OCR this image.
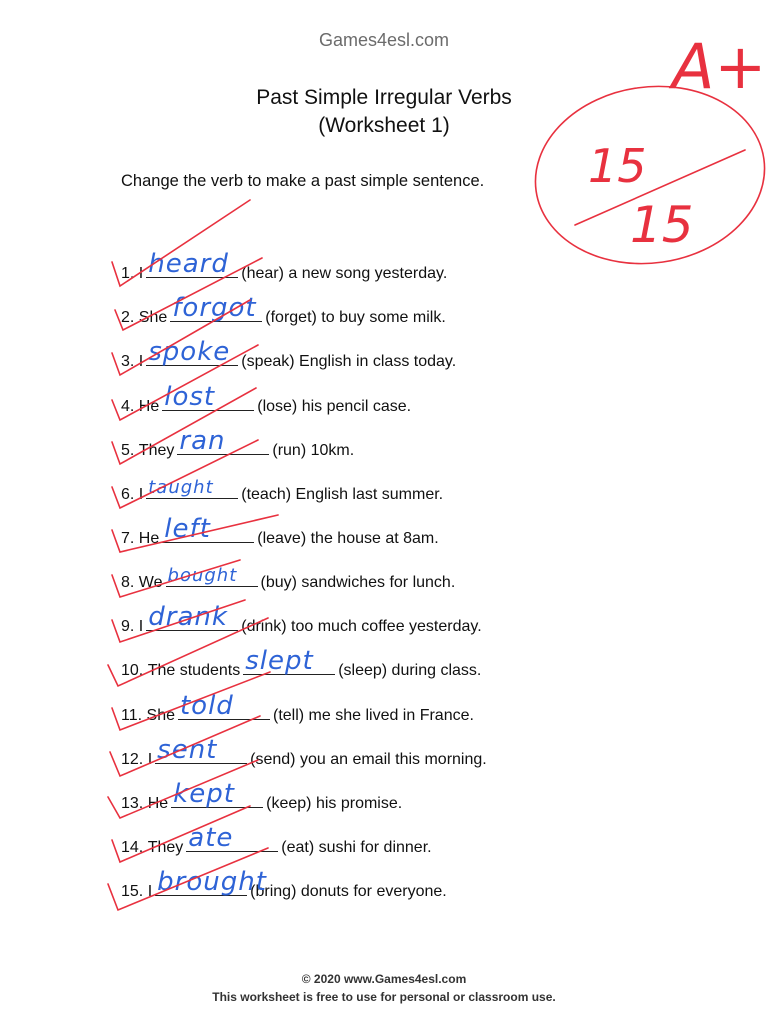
Games4esl.com
Past Simple Irregular Verbs
(Worksheet 1)
Change the verb to make a past simple sentence.
1.
I heard (hear) a new song yesterday.
2.
She forgot (forget) to buy some milk.
3.
I spoke (speak) English in class today.
4.
He lost	(lose) his pencil case.
5.
They ran	(run) 10km.
6.
I taught (teach) English last summer.
7.
He left	(leave) the house at 8am.
8.
We bought (buy) sandwiches for lunch.
9.
I drank (drink) too much coffee yesterday.
10.
The students slept (sleep) during class.
11.
She told (tell) me she lived in France.
12.
I sent (send) you an email this morning.
13.
He kept (keep) his promise.
14.
They ate	(eat) sushi for dinner.
15.
I brought
(bring) donuts for everyone.
© 2020 www.Games4esl.com
This worksheet is free to use for personal or classroom use.
A+
15
15
